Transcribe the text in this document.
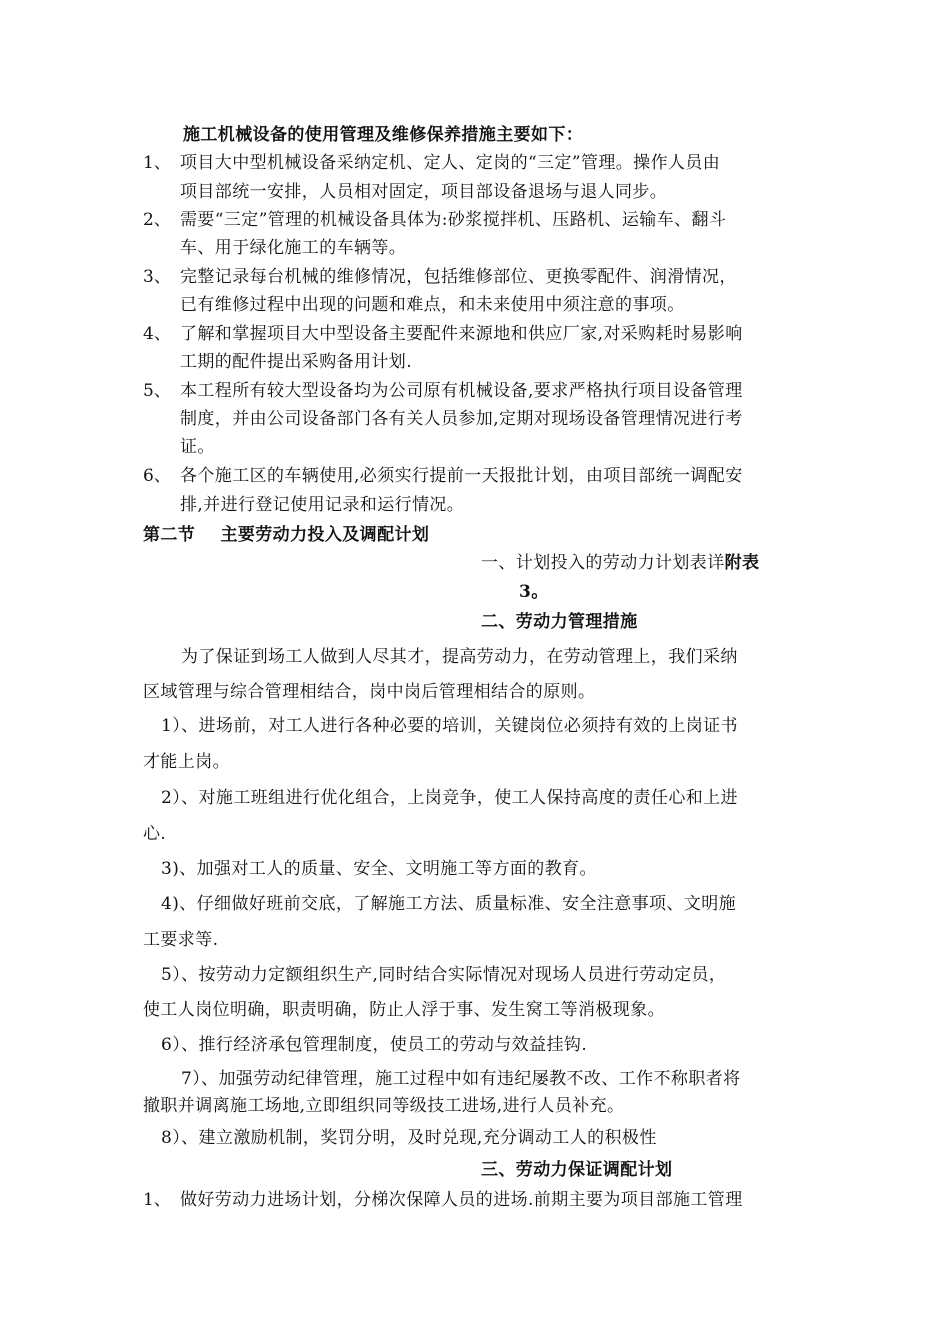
施工机械设备的使用管理及维修保养措施主要如下：
1、 项目大中型机械设备采纳定机、定人、定岗的“三定”管理。操作人员由
项目部统一安排，人员相对固定，项目部设备退场与退人同步。
2、 需要“三定”管理的机械设备具体为:砂浆搅拌机、压路机、运输车、翻斗
车、用于绿化施工的车辆等。
3、 完整记录每台机械的维修情况，包括维修部位、更换零配件、润滑情况，
已有维修过程中出现的问题和难点，和未来使用中须注意的事项。
4、 了解和掌握项目大中型设备主要配件来源地和供应厂家,对采购耗时易影响
工期的配件提出采购备用计划.
5、 本工程所有较大型设备均为公司原有机械设备,要求严格执行项目设备管理
制度，并由公司设备部门各有关人员参加,定期对现场设备管理情况进行考
证。
6、 各个施工区的车辆使用,必须实行提前一天报批计划，由项目部统一调配安
排,并进行登记使用记录和运行情况。
第二节    主要劳动力投入及调配计划
一、计划投入的劳动力计划表详附表
3。
二、劳动力管理措施
为了保证到场工人做到人尽其才，提高劳动力，在劳动管理上，我们采纳
区域管理与综合管理相结合，岗中岗后管理相结合的原则。
1）、进场前，对工人进行各种必要的培训，关键岗位必须持有效的上岗证书
才能上岗。
2）、对施工班组进行优化组合，上岗竞争，使工人保持高度的责任心和上进
心.
3)、加强对工人的质量、安全、文明施工等方面的教育。
4)、仔细做好班前交底，了解施工方法、质量标准、安全注意事项、文明施
工要求等.
5）、按劳动力定额组织生产,同时结合实际情况对现场人员进行劳动定员，
使工人岗位明确，职责明确，防止人浮于事、发生窝工等消极现象。
6）、推行经济承包管理制度，使员工的劳动与效益挂钩.
7）、加强劳动纪律管理，施工过程中如有违纪屡教不改、工作不称职者将
撤职并调离施工场地,立即组织同等级技工进场,进行人员补充。
8）、建立激励机制，奖罚分明，及时兑现,充分调动工人的积极性
三、劳动力保证调配计划
1、 做好劳动力进场计划，分梯次保障人员的进场.前期主要为项目部施工管理
